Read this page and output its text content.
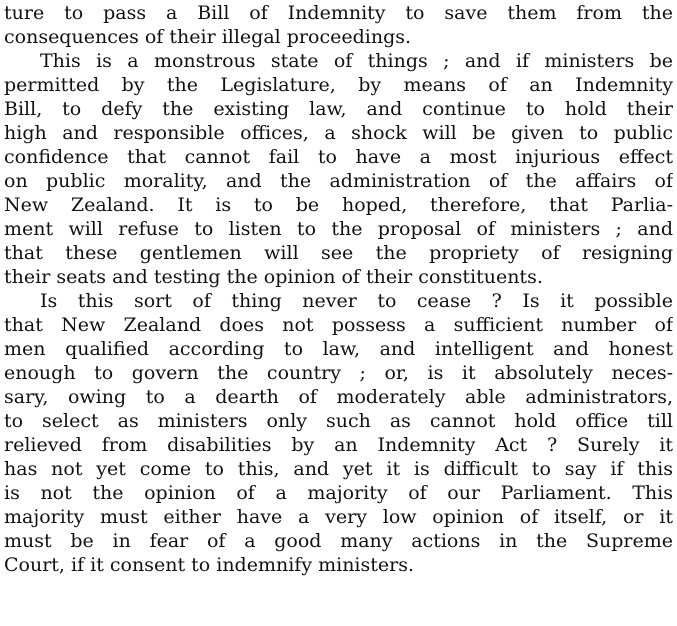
ture to pass a Bill of Indemnity to save them from the
consequences of their illegal proceedings.
This is a monstrous state of things ; and if ministers be
permitted by the Legislature, by means of an Indemnity
Bill, to defy the existing law, and continue to hold their
high and responsible offices, a shock will be given to public
confidence that cannot fail to have a most injurious effect
on public morality, and the administration of the affairs of
New Zealand. It is to be hoped, therefore, that Parlia-
ment will refuse to listen to the proposal of ministers ; and
that these gentlemen will see the propriety of resigning
their seats and testing the opinion of their constituents.
Is this sort of thing never to cease ? Is it possible
that New Zealand does not possess a sufficient number of
men qualified according to law, and intelligent and honest
enough to govern the country ; or, is it absolutely neces-
sary, owing to a dearth of moderately able administrators,
to select as ministers only such as cannot hold office till
relieved from disabilities by an Indemnity Act ? Surely it
has not yet come to this, and yet it is difficult to say if this
is not the opinion of a majority of our Parliament. This
majority must either have a very low opinion of itself, or it
must be in fear of a good many actions in the Supreme
Court, if it consent to indemnify ministers.
